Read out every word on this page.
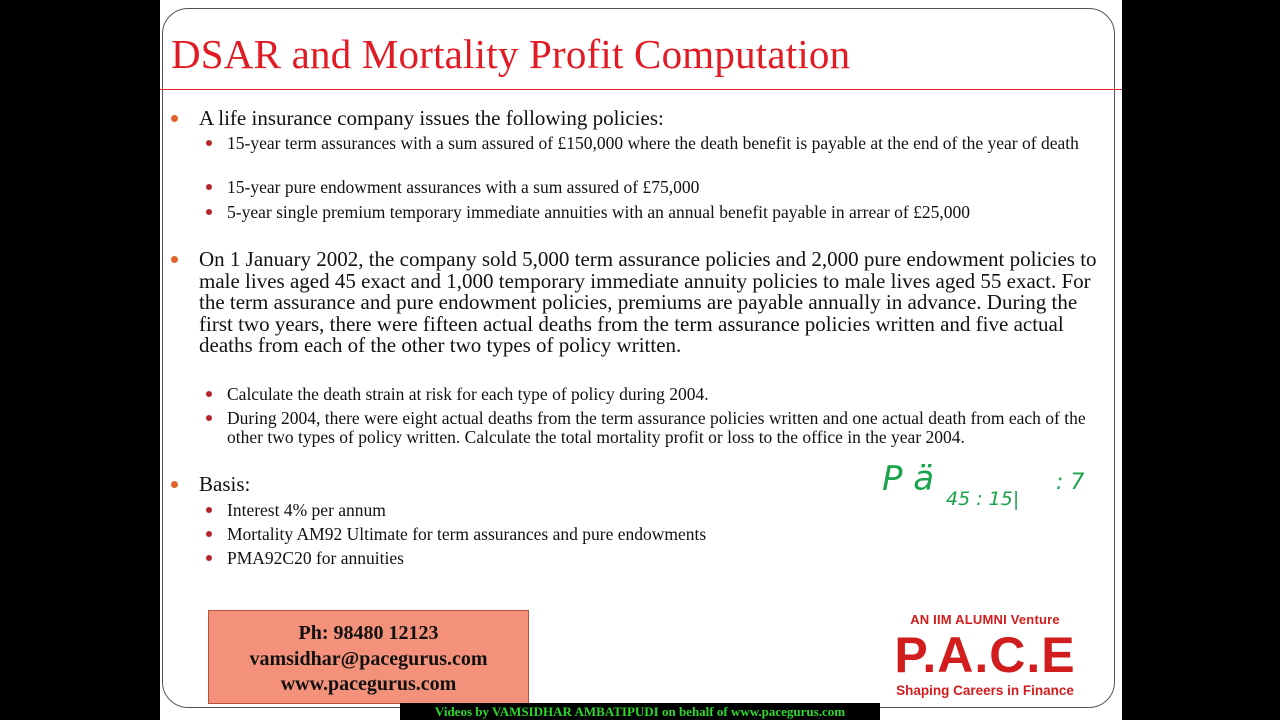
DSAR and Mortality Profit Computation

A life insurance company issues the following policies:

15-year term assurances with a sum assured of £150,000 where the death benefit is payable at the end of the year of death

15-year pure endowment assurances with a sum assured of £75,000

5-year single premium temporary immediate annuities with an annual benefit payable in arrear of £25,000

On 1 January 2002, the company sold 5,000 term assurance policies and 2,000 pure endowment policies to male lives aged 45 exact and 1,000 temporary immediate annuity policies to male lives aged 55 exact. For the term assurance and pure endowment policies, premiums are payable annually in advance. During the first two years, there were fifteen actual deaths from the term assurance policies written and five actual deaths from each of the other two types of policy written.

Calculate the death strain at risk for each type of policy during 2004.

During 2004, there were eight actual deaths from the term assurance policies written and one actual death from each of the other two types of policy written. Calculate the total mortality profit or loss to the office in the year 2004.

Basis:

Interest 4% per annum

Mortality AM92 Ultimate for term assurances and pure endowments

PMA92C20 for annuities

P ä 45 : 15|
: 7
Ph: 98480 12123
vamsidhar@pacegurus.com
www.pacegurus.com
AN IIM ALUMNI Venture
P.A.C.E
Shaping Careers in Finance
Videos by VAMSIDHAR AMBATIPUDI on behalf of www.pacegurus.com
